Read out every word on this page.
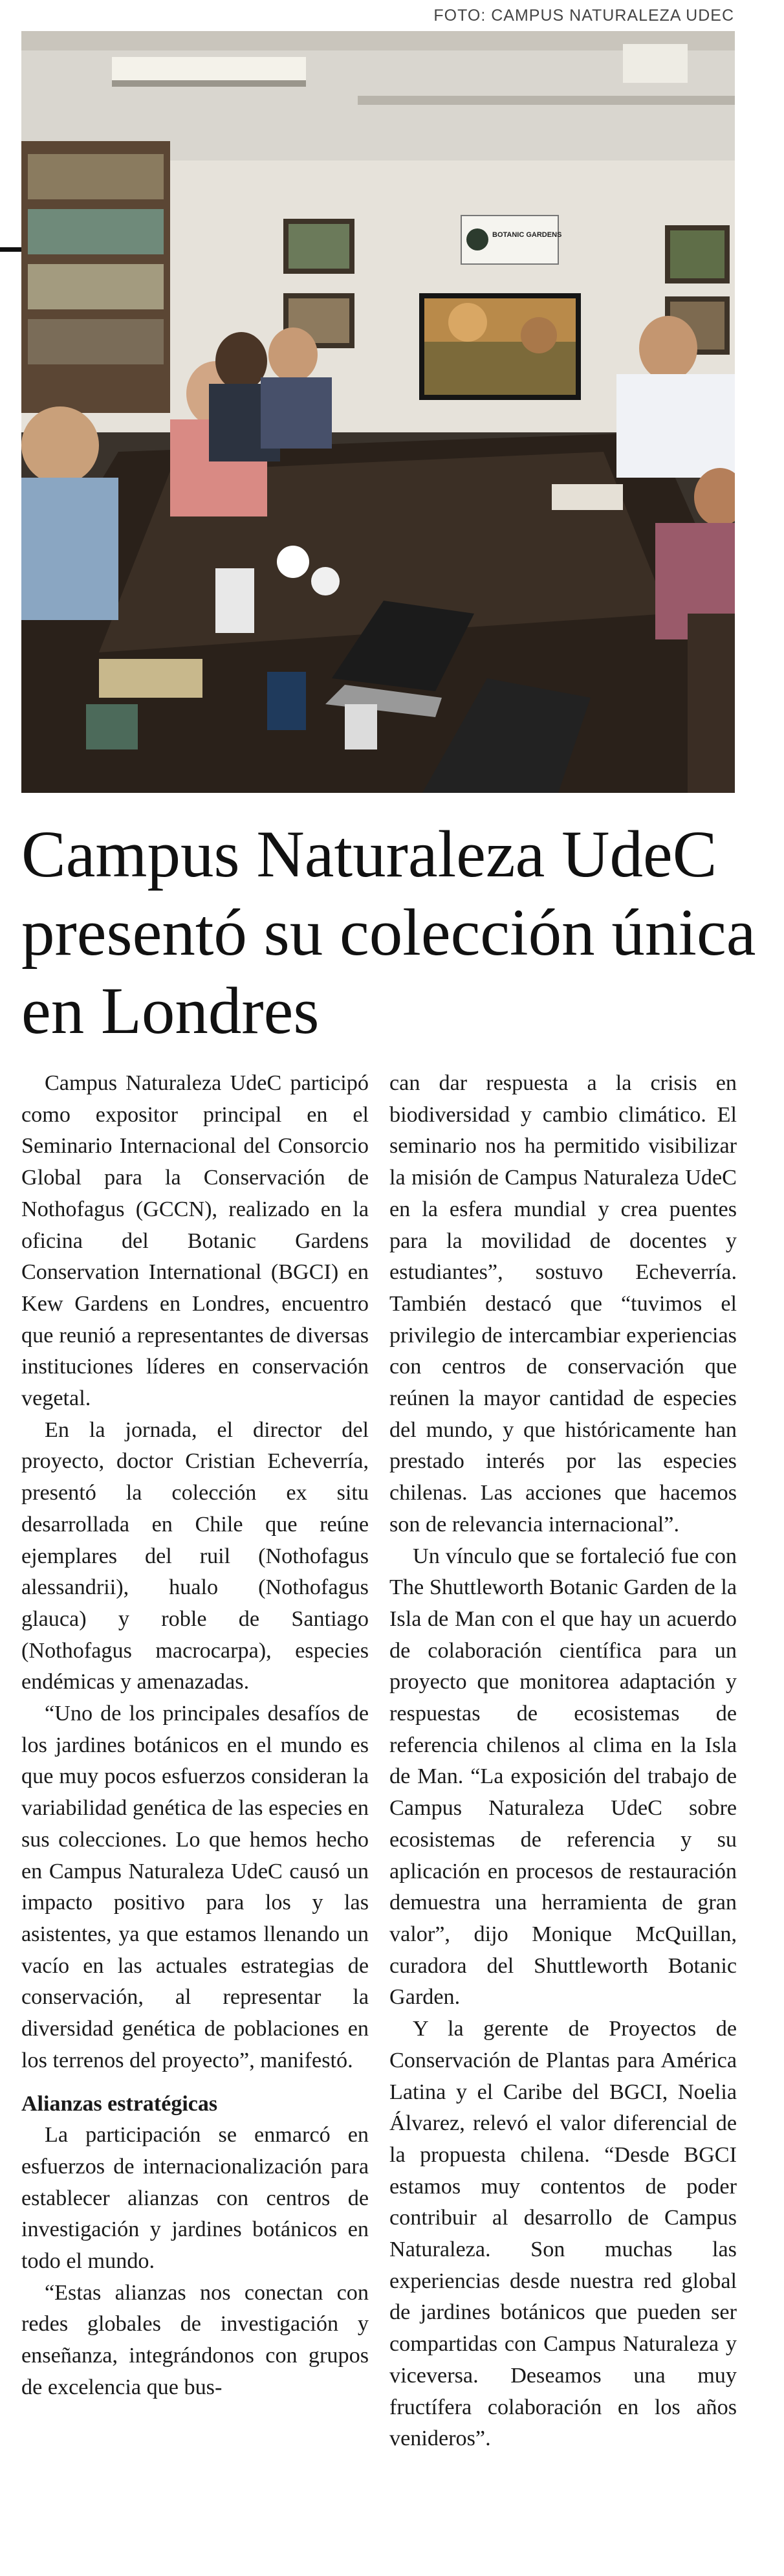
FOTO: CAMPUS NATURALEZA UDEC
BOTANIC GARDENS
Campus Naturaleza UdeC presentó su colección única en Londres

Campus Naturaleza UdeC participó como expositor principal en el Seminario Internacional del Consorcio Global para la Conservación de Nothofagus (GCCN), realizado en la oficina del Botanic Gardens Conservation International (BGCI) en Kew Gardens en Londres, encuentro que reunió a representantes de diversas instituciones líderes en conservación vegetal.

En la jornada, el director del proyecto, doctor Cristian Echeverría, presentó la colección ex situ desarrollada en Chile que reúne ejemplares del ruil (Nothofagus alessandrii), hualo (Nothofagus glauca) y roble de Santiago (Nothofagus macrocarpa), especies endémicas y amenazadas.

“Uno de los principales desafíos de los jardines botánicos en el mundo es que muy pocos esfuerzos consideran la variabilidad genética de las especies en sus colecciones. Lo que hemos hecho en Campus Naturaleza UdeC causó un impacto positivo para los y las asistentes, ya que estamos llenando un vacío en las actuales estrategias de conservación, al representar la diversidad genética de poblaciones en los terrenos del proyecto”, manifestó.

Alianzas estratégicas

La participación se enmarcó en esfuerzos de internacionalización para establecer alianzas con centros de investigación y jardines botánicos en todo el mundo.

“Estas alianzas nos conectan con redes globales de investigación y enseñanza, integrándonos con grupos de excelencia que bus-

can dar respuesta a la crisis en biodiversidad y cambio climático. El seminario nos ha permitido visibilizar la misión de Campus Naturaleza UdeC en la esfera mundial y crea puentes para la movilidad de docentes y estudiantes”, sostuvo Echeverría. También destacó que “tuvimos el privilegio de intercambiar experiencias con centros de conservación que reúnen la mayor cantidad de especies del mundo, y que históricamente han prestado interés por las especies chilenas. Las acciones que hacemos son de relevancia internacional”.

Un vínculo que se fortaleció fue con The Shuttleworth Botanic Garden de la Isla de Man con el que hay un acuerdo de colaboración científica para un proyecto que monitorea adaptación y respuestas de ecosistemas de referencia chilenos al clima en la Isla de Man. “La exposición del trabajo de Campus Naturaleza UdeC sobre ecosistemas de referencia y su aplicación en procesos de restauración demuestra una herramienta de gran valor”, dijo Monique McQuillan, curadora del Shuttleworth Botanic Garden.

Y la gerente de Proyectos de Conservación de Plantas para América Latina y el Caribe del BGCI, Noelia Álvarez, relevó el valor diferencial de la propuesta chilena. “Desde BGCI estamos muy contentos de poder contribuir al desarrollo de Campus Naturaleza. Son muchas las experiencias desde nuestra red global de jardines botánicos que pueden ser compartidas con Campus Naturaleza y viceversa. Deseamos una muy fructífera colaboración en los años venideros”.
